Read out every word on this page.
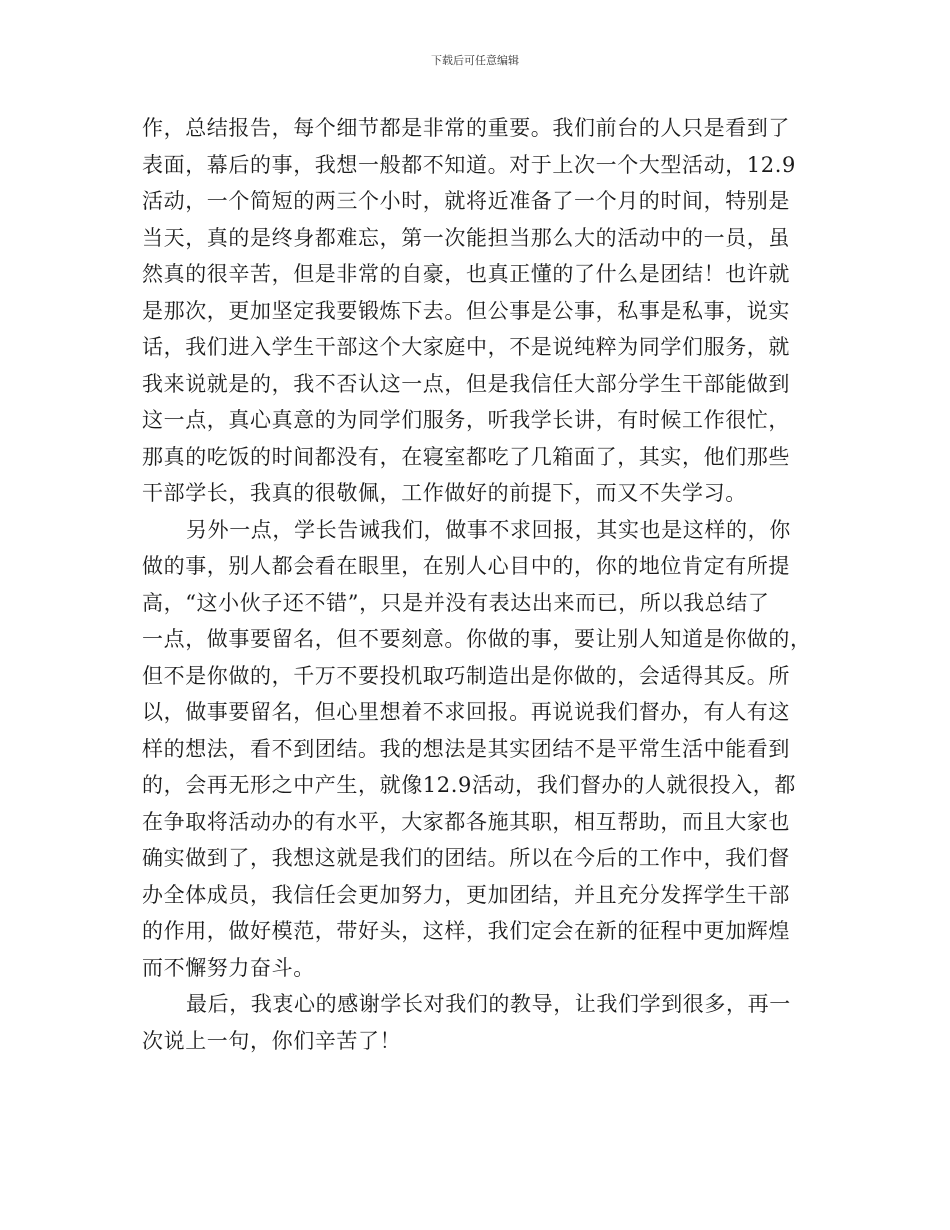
下载后可任意编辑
作，总结报告，每个细节都是非常的重要。我们前台的人只是看到了
表面，幕后的事，我想一般都不知道。对于上次一个大型活动，12.9
活动，一个简短的两三个小时，就将近准备了一个月的时间，特别是
当天，真的是终身都难忘，第一次能担当那么大的活动中的一员，虽
然真的很辛苦，但是非常的自豪，也真正懂的了什么是团结！也许就
是那次，更加坚定我要锻炼下去。但公事是公事，私事是私事，说实
话，我们进入学生干部这个大家庭中，不是说纯粹为同学们服务，就
我来说就是的，我不否认这一点，但是我信任大部分学生干部能做到
这一点，真心真意的为同学们服务，听我学长讲，有时候工作很忙，
那真的吃饭的时间都没有，在寝室都吃了几箱面了，其实，他们那些
干部学长，我真的很敬佩，工作做好的前提下，而又不失学习。
另外一点，学长告诫我们，做事不求回报，其实也是这样的，你
做的事，别人都会看在眼里，在别人心目中的，你的地位肯定有所提
高，“这小伙子还不错”，只是并没有表达出来而已，所以我总结了
一点，做事要留名，但不要刻意。你做的事，要让别人知道是你做的，
但不是你做的，千万不要投机取巧制造出是你做的，会适得其反。所
以，做事要留名，但心里想着不求回报。再说说我们督办，有人有这
样的想法，看不到团结。我的想法是其实团结不是平常生活中能看到
的，会再无形之中产生，就像12.9活动，我们督办的人就很投入，都
在争取将活动办的有水平，大家都各施其职，相互帮助，而且大家也
确实做到了，我想这就是我们的团结。所以在今后的工作中，我们督
办全体成员，我信任会更加努力，更加团结，并且充分发挥学生干部
的作用，做好模范，带好头，这样，我们定会在新的征程中更加辉煌
而不懈努力奋斗。
最后，我衷心的感谢学长对我们的教导，让我们学到很多，再一
次说上一句，你们辛苦了！
